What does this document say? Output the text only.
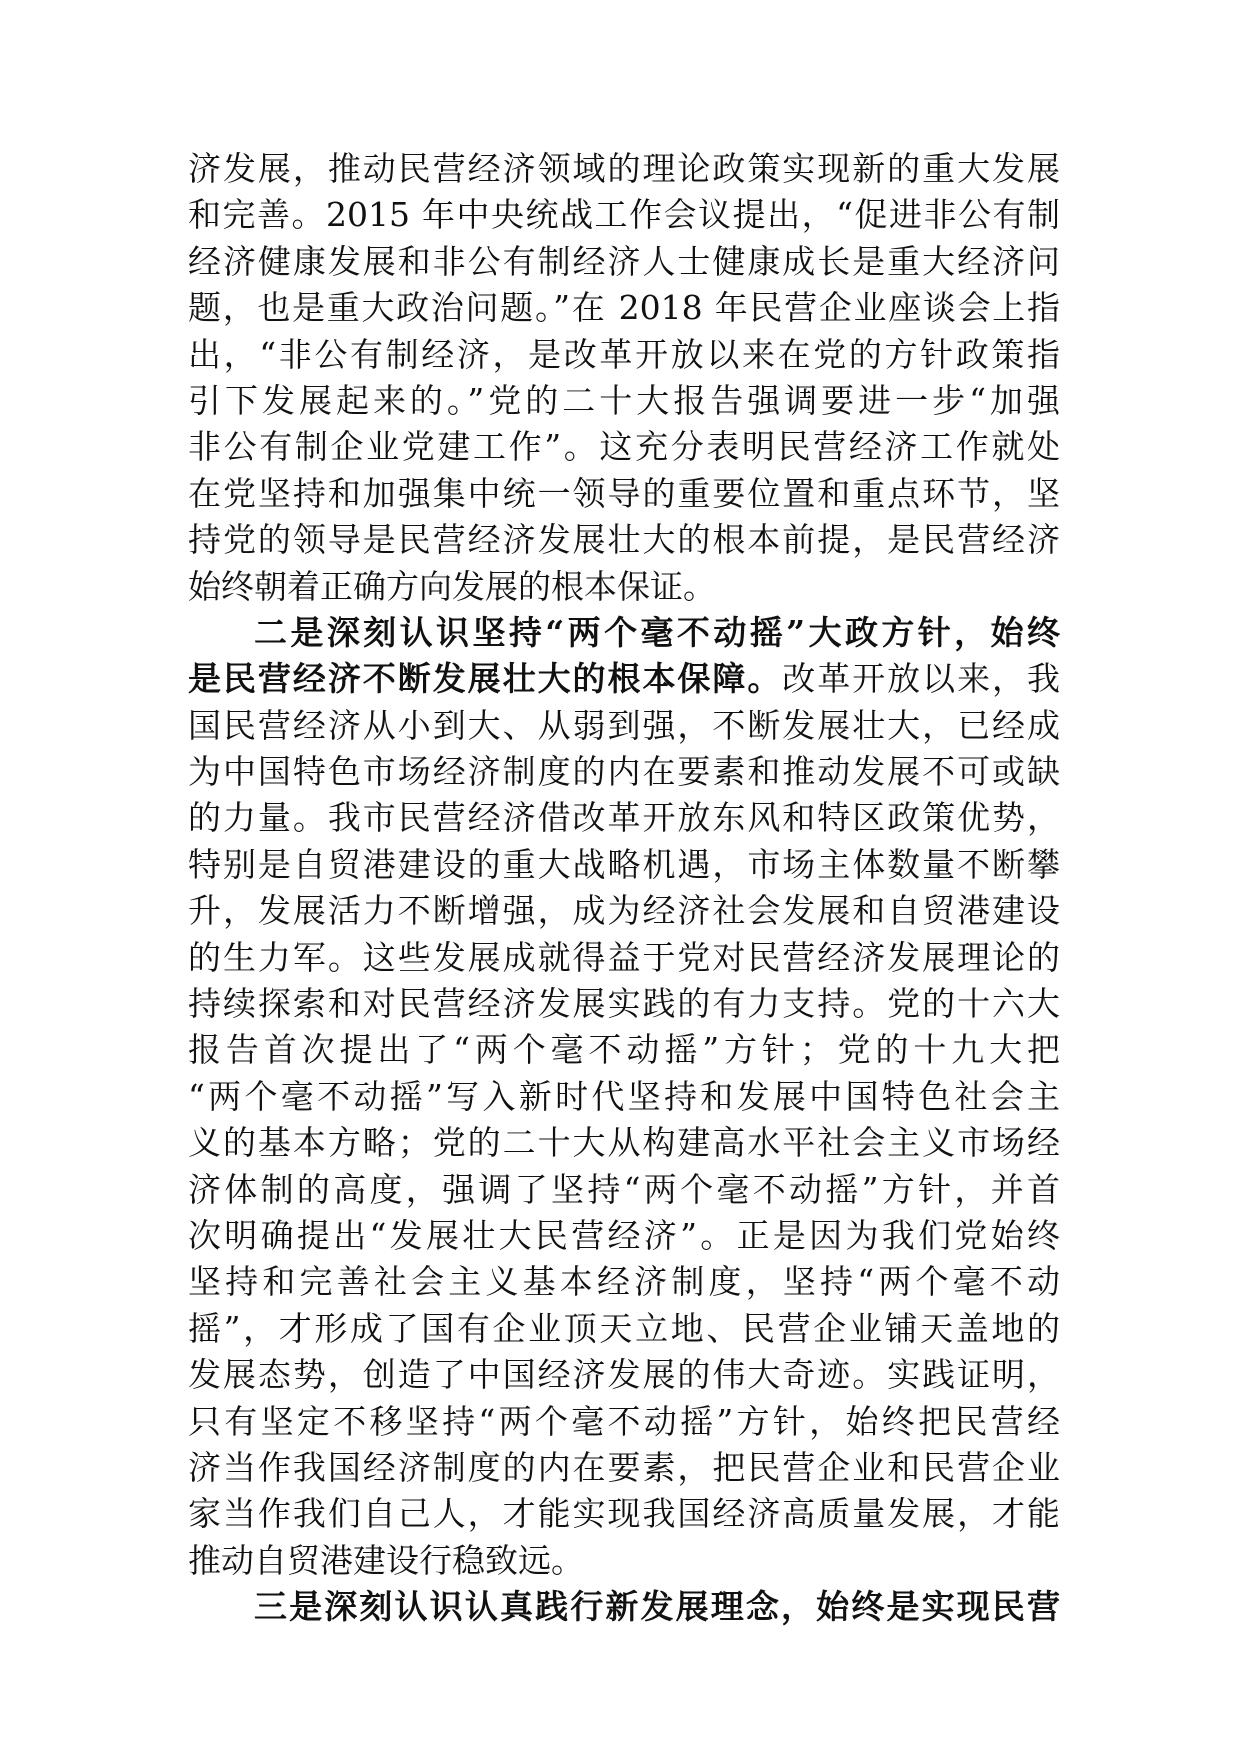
济发展，推动民营经济领域的理论政策实现新的重大发展
和完善。2015 年中央统战工作会议提出，“促进非公有制
经济健康发展和非公有制经济人士健康成长是重大经济问
题，也是重大政治问题。”在 2018 年民营企业座谈会上指
出，“非公有制经济，是改革开放以来在党的方针政策指
引下发展起来的。”党的二十大报告强调要进一步“加强
非公有制企业党建工作”。这充分表明民营经济工作就处
在党坚持和加强集中统一领导的重要位置和重点环节，坚
持党的领导是民营经济发展壮大的根本前提，是民营经济
始终朝着正确方向发展的根本保证。
二是深刻认识坚持“两个毫不动摇”大政方针，始终
是民营经济不断发展壮大的根本保障。改革开放以来，我
国民营经济从小到大、从弱到强，不断发展壮大，已经成
为中国特色市场经济制度的内在要素和推动发展不可或缺
的力量。我市民营经济借改革开放东风和特区政策优势，
特别是自贸港建设的重大战略机遇，市场主体数量不断攀
升，发展活力不断增强，成为经济社会发展和自贸港建设
的生力军。这些发展成就得益于党对民营经济发展理论的
持续探索和对民营经济发展实践的有力支持。党的十六大
报告首次提出了“两个毫不动摇”方针；党的十九大把
“两个毫不动摇”写入新时代坚持和发展中国特色社会主
义的基本方略；党的二十大从构建高水平社会主义市场经
济体制的高度，强调了坚持“两个毫不动摇”方针，并首
次明确提出“发展壮大民营经济”。正是因为我们党始终
坚持和完善社会主义基本经济制度，坚持“两个毫不动
摇”，才形成了国有企业顶天立地、民营企业铺天盖地的
发展态势，创造了中国经济发展的伟大奇迹。实践证明，
只有坚定不移坚持“两个毫不动摇”方针，始终把民营经
济当作我国经济制度的内在要素，把民营企业和民营企业
家当作我们自己人，才能实现我国经济高质量发展，才能
推动自贸港建设行稳致远。
三是深刻认识认真践行新发展理念，始终是实现民营
